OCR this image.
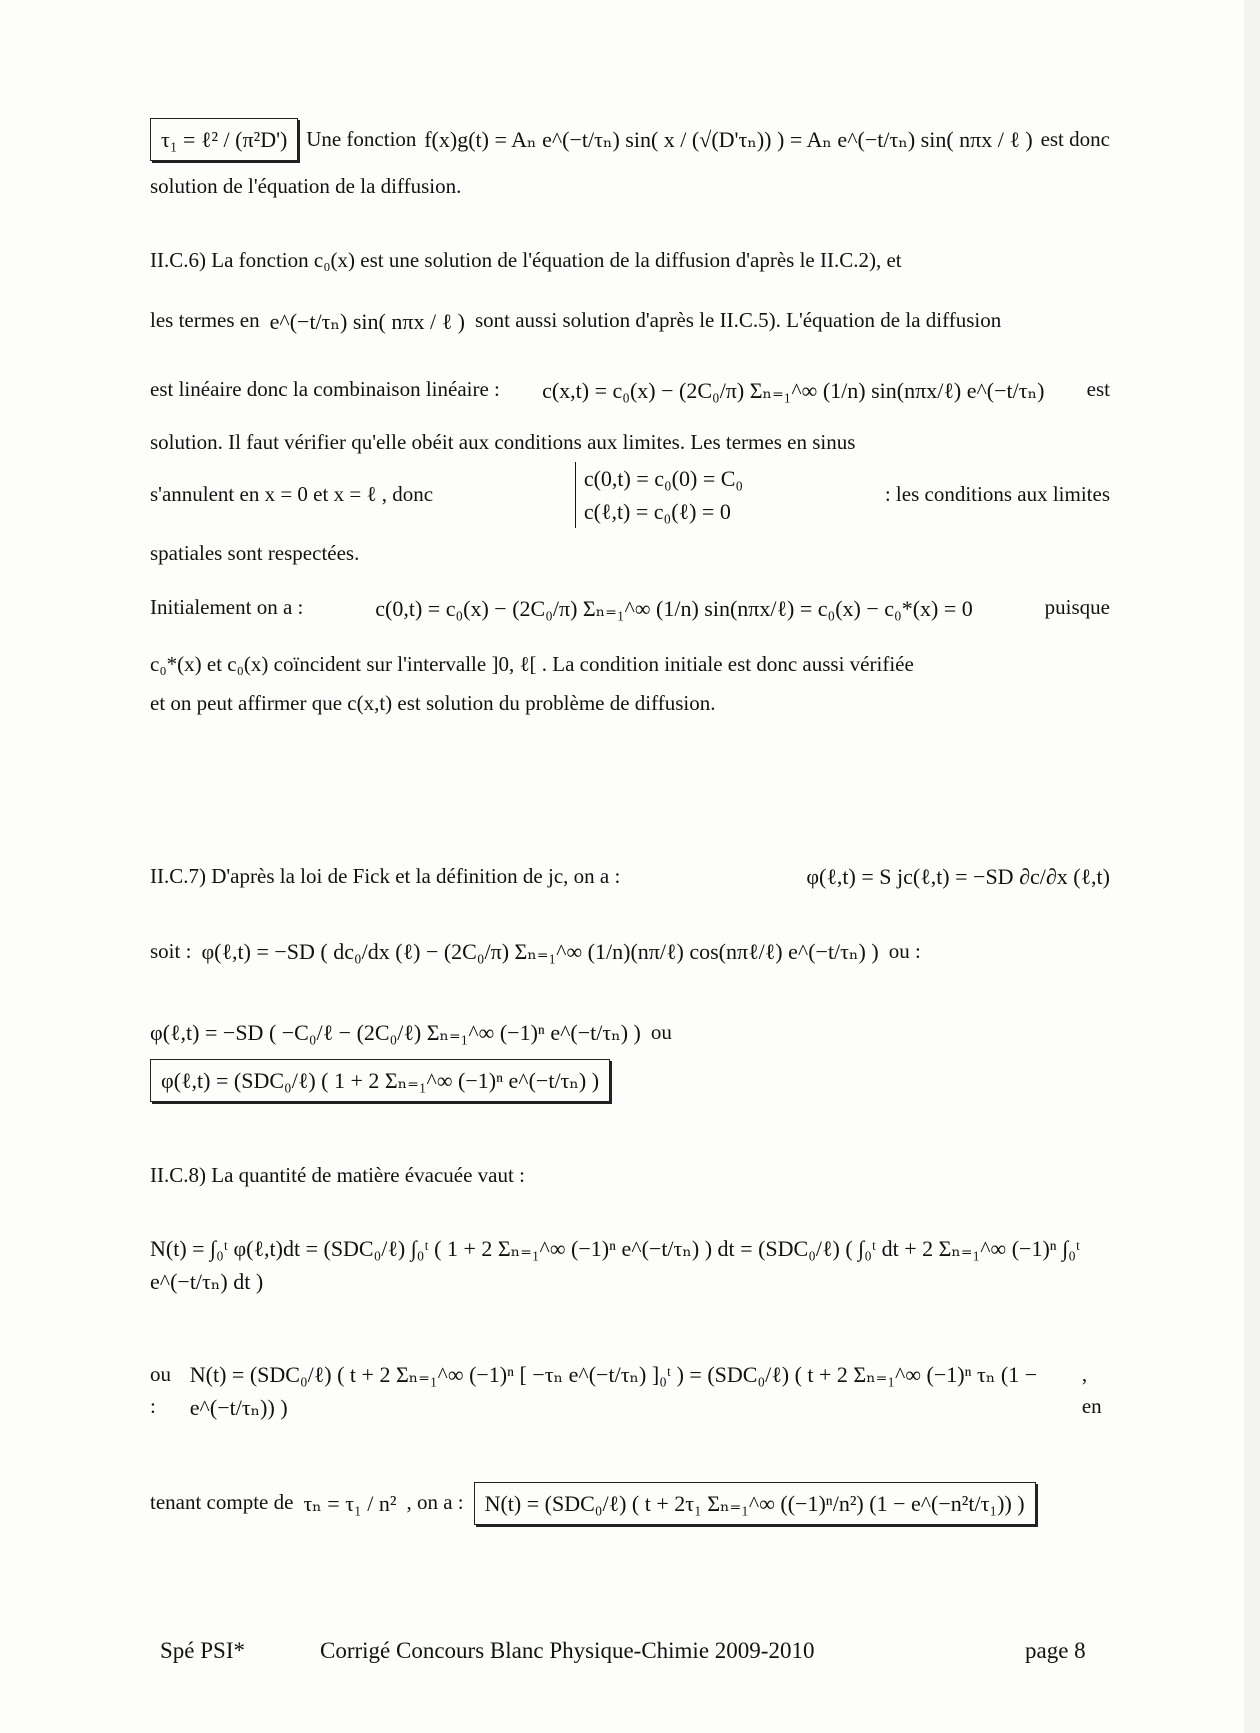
τ₁ = ℓ² / (π²D') Une fonction f(x)g(t) = Aₙ e^(−t/τₙ) sin( x / (√(D'τₙ)) ) = Aₙ e^(−t/τₙ) sin( nπx / ℓ ) est donc
solution de l'équation de la diffusion.
II.C.6) La fonction c₀(x) est une solution de l'équation de la diffusion d'après le II.C.2), et
les termes en e^(−t/τₙ) sin( nπx / ℓ ) sont aussi solution d'après le II.C.5). L'équation de la diffusion
est linéaire donc la combinaison linéaire : c(x,t) = c₀(x) − (2C₀/π) Σₙ₌₁^∞ (1/n) sin(nπx/ℓ) e^(−t/τₙ) est
solution. Il faut vérifier qu'elle obéit aux conditions aux limites. Les termes en sinus
s'annulent en x = 0 et x = ℓ , donc
c(0,t) = c₀(0) = C₀
c(ℓ,t) = c₀(ℓ) = 0
: les conditions aux limites
spatiales sont respectées.
Initialement on a :	c(0,t) = c₀(x) − (2C₀/π) Σₙ₌₁^∞ (1/n) sin(nπx/ℓ) = c₀(x) − c₀*(x) = 0	puisque
c₀*(x) et c₀(x) coïncident sur l'intervalle ]0, ℓ[ . La condition initiale est donc aussi vérifiée
et on peut affirmer que c(x,t) est solution du problème de diffusion.
II.C.7) D'après la loi de Fick et la définition de jc, on a :	φ(ℓ,t) = S jc(ℓ,t) = −SD ∂c/∂x (ℓ,t)
soit : φ(ℓ,t) = −SD ( dc₀/dx (ℓ) − (2C₀/π) Σₙ₌₁^∞ (1/n)(nπ/ℓ) cos(nπℓ/ℓ) e^(−t/τₙ) ) ou :
φ(ℓ,t) = −SD ( −C₀/ℓ − (2C₀/ℓ) Σₙ₌₁^∞ (−1)ⁿ e^(−t/τₙ) ) ou
φ(ℓ,t) = (SDC₀/ℓ) ( 1 + 2 Σₙ₌₁^∞ (−1)ⁿ e^(−t/τₙ) )
II.C.8) La quantité de matière évacuée vaut :
N(t) = ∫₀ᵗ φ(ℓ,t)dt = (SDC₀/ℓ) ∫₀ᵗ ( 1 + 2 Σₙ₌₁^∞ (−1)ⁿ e^(−t/τₙ) ) dt = (SDC₀/ℓ) ( ∫₀ᵗ dt + 2 Σₙ₌₁^∞ (−1)ⁿ ∫₀ᵗ e^(−t/τₙ) dt )
ou :
N(t) = (SDC₀/ℓ) ( t + 2 Σₙ₌₁^∞ (−1)ⁿ [ −τₙ e^(−t/τₙ) ]₀ᵗ ) = (SDC₀/ℓ) ( t + 2 Σₙ₌₁^∞ (−1)ⁿ τₙ (1 − e^(−t/τₙ)) )
, en
tenant compte de τₙ = τ₁ / n² , on a : N(t) = (SDC₀/ℓ) ( t + 2τ₁ Σₙ₌₁^∞ ((−1)ⁿ/n²) (1 − e^(−n²t/τ₁)) )
Spé PSI*	Corrigé Concours Blanc Physique-Chimie 2009-2010	page 8
